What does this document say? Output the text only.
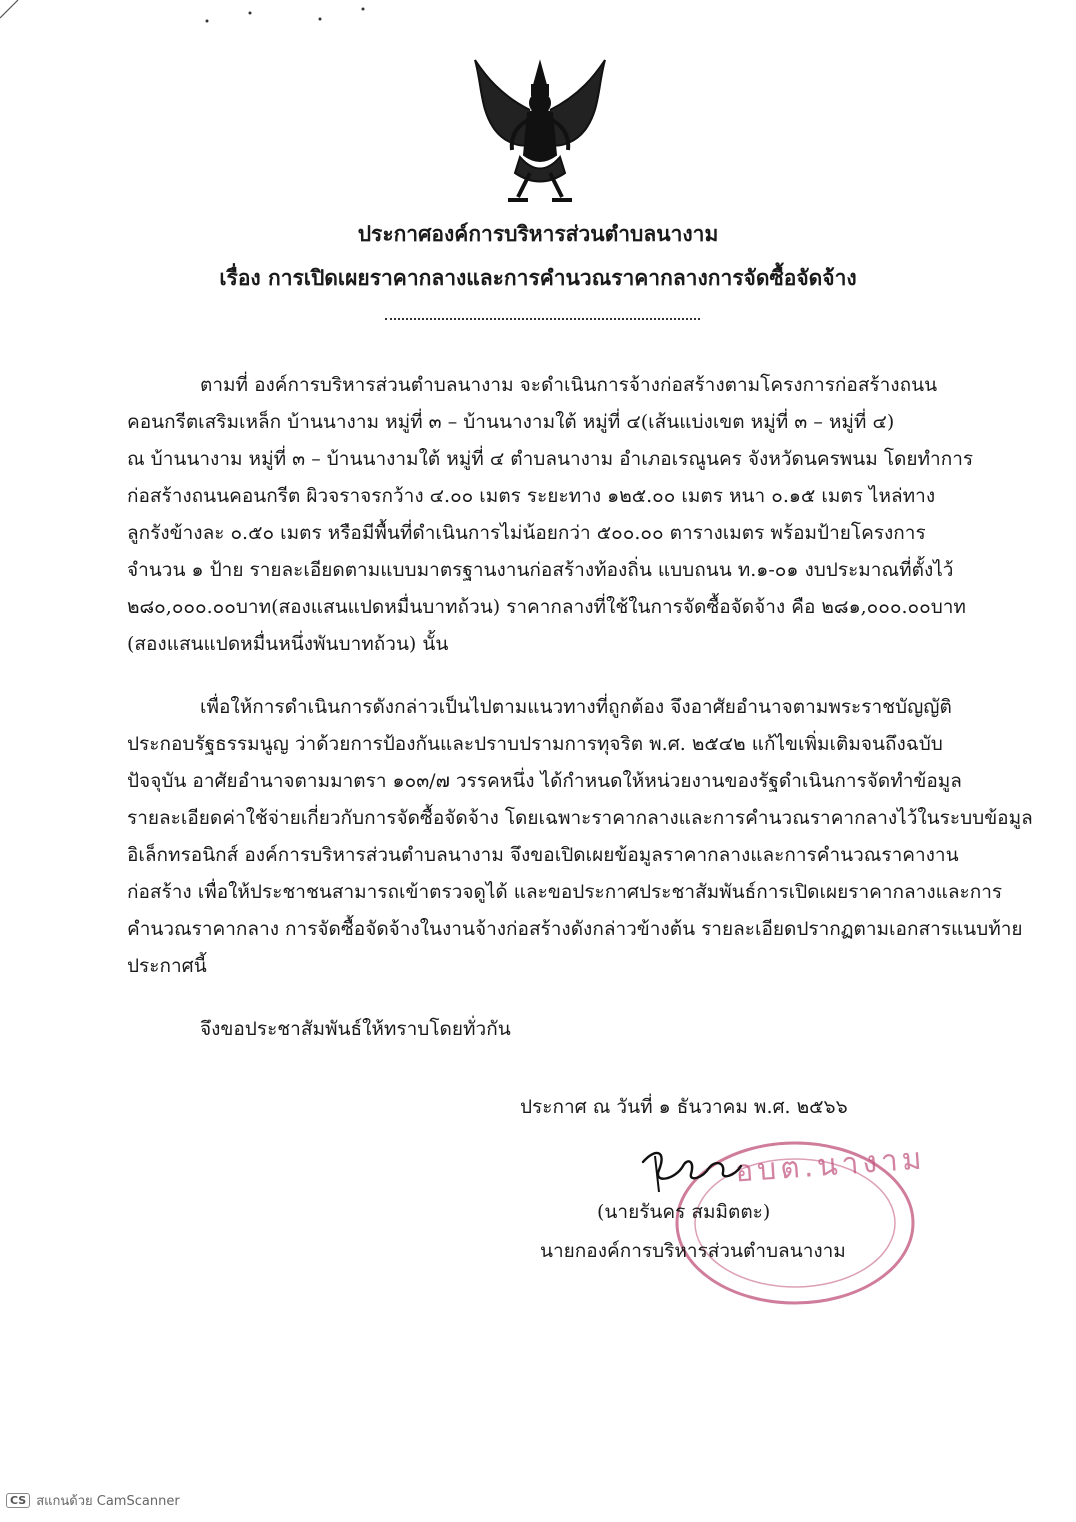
ประกาศองค์การบริหารส่วนตำบลนางาม
เรื่อง การเปิดเผยราคากลางและการคำนวณราคากลางการจัดซื้อจัดจ้าง
ตามที่ องค์การบริหารส่วนตำบลนางาม จะดำเนินการจ้างก่อสร้างตามโครงการก่อสร้างถนน
คอนกรีตเสริมเหล็ก บ้านนางาม หมู่ที่ ๓ – บ้านนางามใต้ หมู่ที่ ๔(เส้นแบ่งเขต หมู่ที่ ๓ – หมู่ที่ ๔)
ณ บ้านนางาม หมู่ที่ ๓ – บ้านนางามใต้ หมู่ที่ ๔ ตำบลนางาม อำเภอเรณูนคร จังหวัดนครพนม โดยทำการ
ก่อสร้างถนนคอนกรีต ผิวจราจรกว้าง ๔.๐๐ เมตร ระยะทาง ๑๒๕.๐๐ เมตร หนา ๐.๑๕ เมตร ไหล่ทาง
ลูกรังข้างละ ๐.๕๐ เมตร หรือมีพื้นที่ดำเนินการไม่น้อยกว่า ๕๐๐.๐๐ ตารางเมตร พร้อมป้ายโครงการ
จำนวน ๑ ป้าย รายละเอียดตามแบบมาตรฐานงานก่อสร้างท้องถิ่น แบบถนน ท.๑-๐๑ งบประมาณที่ตั้งไว้
๒๘๐,๐๐๐.๐๐บาท(สองแสนแปดหมื่นบาทถ้วน) ราคากลางที่ใช้ในการจัดซื้อจัดจ้าง คือ ๒๘๑,๐๐๐.๐๐บาท
(สองแสนแปดหมื่นหนึ่งพันบาทถ้วน) นั้น
เพื่อให้การดำเนินการดังกล่าวเป็นไปตามแนวทางที่ถูกต้อง จึงอาศัยอำนาจตามพระราชบัญญัติ
ประกอบรัฐธรรมนูญ ว่าด้วยการป้องกันและปราบปรามการทุจริต พ.ศ. ๒๕๔๒ แก้ไขเพิ่มเติมจนถึงฉบับ
ปัจจุบัน อาศัยอำนาจตามมาตรา ๑๐๓/๗ วรรคหนึ่ง ได้กำหนดให้หน่วยงานของรัฐดำเนินการจัดทำข้อมูล
รายละเอียดค่าใช้จ่ายเกี่ยวกับการจัดซื้อจัดจ้าง โดยเฉพาะราคากลางและการคำนวณราคากลางไว้ในระบบข้อมูล
อิเล็กทรอนิกส์ องค์การบริหารส่วนตำบลนางาม จึงขอเปิดเผยข้อมูลราคากลางและการคำนวณราคางาน
ก่อสร้าง เพื่อให้ประชาชนสามารถเข้าตรวจดูได้ และขอประกาศประชาสัมพันธ์การเปิดเผยราคากลางและการ
คำนวณราคากลาง การจัดซื้อจัดจ้างในงานจ้างก่อสร้างดังกล่าวข้างต้น รายละเอียดปรากฏตามเอกสารแนบท้าย
ประกาศนี้
จึงขอประชาสัมพันธ์ให้ทราบโดยทั่วกัน
ประกาศ ณ วันที่ ๑ ธันวาคม พ.ศ. ๒๕๖๖
อบต.นางาม
(นายรันคร สมมิตตะ)
นายกองค์การบริหารส่วนตำบลนางาม
CS สแกนด้วย CamScanner
